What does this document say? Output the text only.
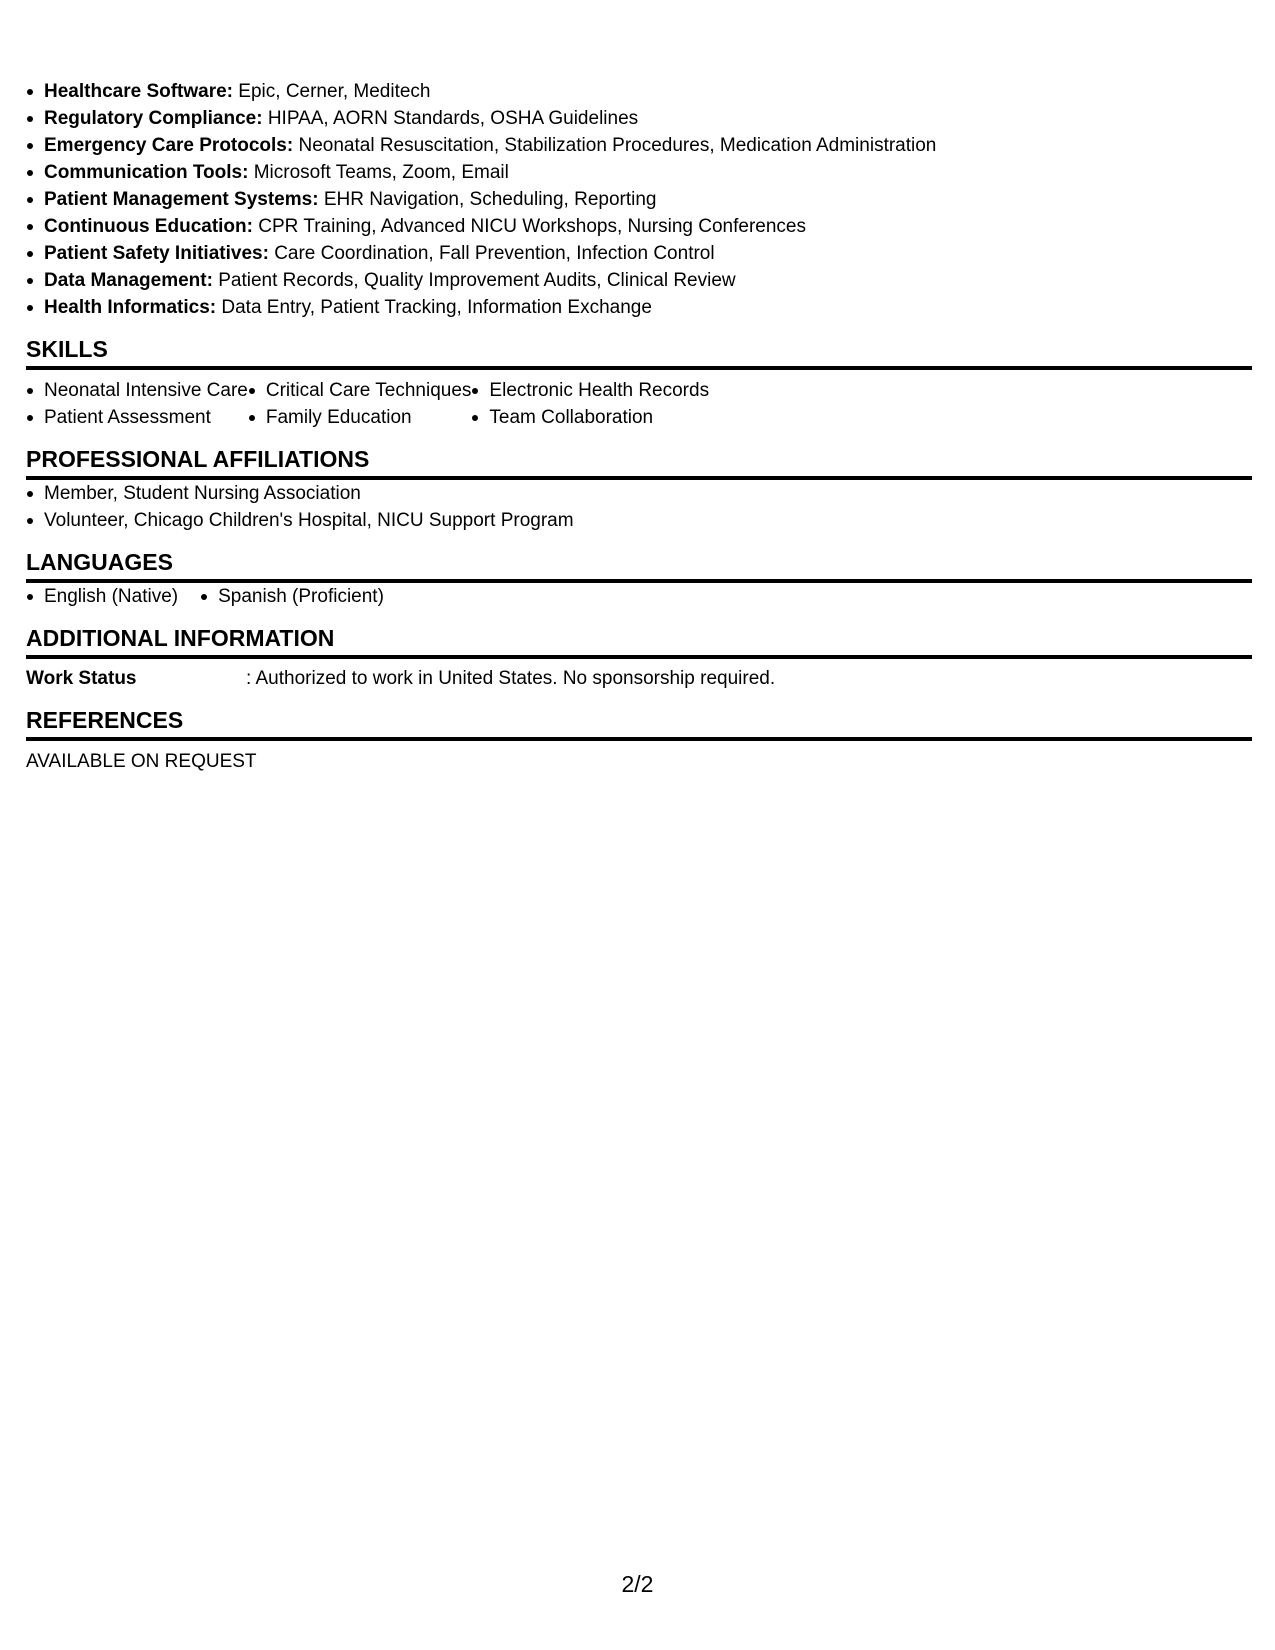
Healthcare Software: Epic, Cerner, Meditech
Regulatory Compliance: HIPAA, AORN Standards, OSHA Guidelines
Emergency Care Protocols: Neonatal Resuscitation, Stabilization Procedures, Medication Administration
Communication Tools: Microsoft Teams, Zoom, Email
Patient Management Systems: EHR Navigation, Scheduling, Reporting
Continuous Education: CPR Training, Advanced NICU Workshops, Nursing Conferences
Patient Safety Initiatives: Care Coordination, Fall Prevention, Infection Control
Data Management: Patient Records, Quality Improvement Audits, Clinical Review
Health Informatics: Data Entry, Patient Tracking, Information Exchange
SKILLS
Neonatal Intensive Care
Patient Assessment
Critical Care Techniques
Family Education
Electronic Health Records
Team Collaboration
PROFESSIONAL AFFILIATIONS
Member, Student Nursing Association
Volunteer, Chicago Children's Hospital, NICU Support Program
LANGUAGES
English (Native)	Spanish (Proficient)
ADDITIONAL INFORMATION
Work Status	: Authorized to work in United States. No sponsorship required.
REFERENCES
AVAILABLE ON REQUEST
2/2
